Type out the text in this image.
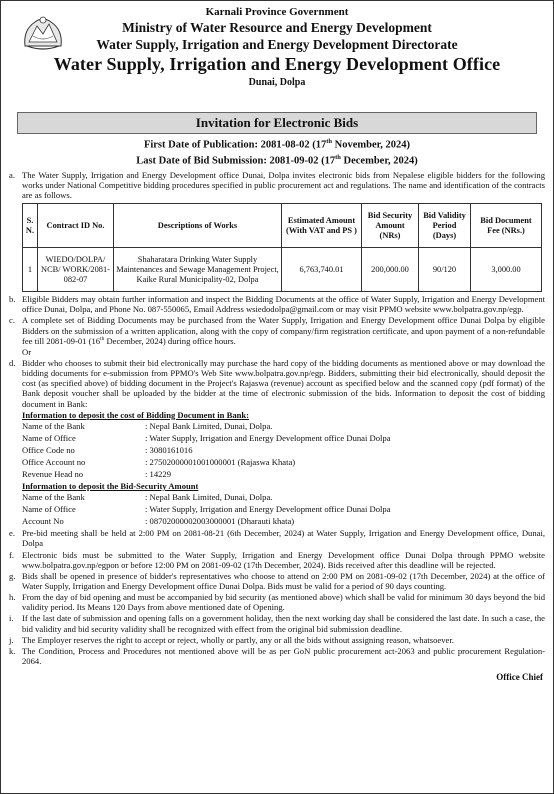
Karnali Province Government
Ministry of Water Resource and Energy Development
Water Supply, Irrigation and Energy Development Directorate
Water Supply, Irrigation and Energy Development Office
Dunai, Dolpa
Invitation for Electronic Bids
First Date of Publication: 2081-08-02 (17th November, 2024)
Last Date of Bid Submission: 2081-09-02 (17th December, 2024)
a. The Water Supply, Irrigation and Energy Development office Dunai, Dolpa invites electronic bids from Nepalese eligible bidders for the following works under National Competitive bidding procedures specified in public procurement act and regulations. The name and identification of the contracts are as follows.
S. N.	Contract ID No.	Descriptions of Works	Estimated Amount (With VAT and PS )	Bid Security Amount (NRs)	Bid Validity Period (Days)	Bid Document Fee (NRs.)
1	WIEDO/DOLPA/ NCB/ WORK/2081-082-07	Shaharatara Drinking Water Supply Maintenances and Sewage Management Project, Kaike Rural Municipality-02, Dolpa	6,763,740.01	200,000.00	90/120	3,000.00
b. Eligible Bidders may obtain further information and inspect the Bidding Documents at the office of Water Supply, Irrigation and Energy Development office Dunai, Dolpa, and Phone No. 087-550065, Email Address wsiedodolpa@gmail.com or may visit PPMO website www.bolpatra.gov.np/egp.
c. A complete set of Bidding Documents may be purchased from the Water Supply, Irrigation and Energy Development office Dunai Dolpa by eligible Bidders on the submission of a written application, along with the copy of company/firm registration certificate, and upon payment of a non-refundable fee till 2081-09-01 (16th December, 2024) during office hours.
Or
d. Bidder who chooses to submit their bid electronically may purchase the hard copy of the bidding documents as mentioned above or may download the bidding documents for e-submission from PPMO's Web Site www.bolpatra.gov.np/egp. Bidders, submitting their bid electronically, should deposit the cost (as specified above) of bidding document in the Project's Rajaswa (revenue) account as specified below and the scanned copy (pdf format) of the Bank deposit voucher shall be uploaded by the bidder at the time of electronic submission of the bids. Information to deposit the cost of bidding document in Bank:
Information to deposit the cost of Bidding Document in Bank:
Name of the Bank	: Nepal Bank Limited, Dunai, Dolpa.
Name of Office	: Water Supply, Irrigation and Energy Development office Dunai Dolpa
Office Code no	: 3080161016
Office Account no	: 27502000001001000001 (Rajaswa Khata)
Revenue Head no	: 14229
Information to deposit the Bid-Security Amount
Name of the Bank	: Nepal Bank Limited, Dunai, Dolpa.
Name of Office	: Water Supply, Irrigation and Energy Development office Dunai Dolpa
Account No	: 08702000002003000001 (Dharauti khata)
e. Pre-bid meeting shall be held at 2:00 PM on 2081-08-21 (6th December, 2024) at Water Supply, Irrigation and Energy Development office, Dunai, Dolpa
f. Electronic bids must be submitted to the Water Supply, Irrigation and Energy Development office Dunai Dolpa through PPMO website www.bolpatra.gov.np/egpon or before 12:00 PM on 2081-09-02 (17th December, 2024). Bids received after this deadline will be rejected.
g. Bids shall be opened in presence of bidder's representatives who choose to attend on 2:00 PM on 2081-09-02 (17th December, 2024) at the office of Water Supply, Irrigation and Energy Development office Dunai Dolpa. Bids must be valid for a period of 90 days counting.
h. From the day of bid opening and must be accompanied by bid security (as mentioned above) which shall be valid for minimum 30 days beyond the bid validity period. Its Means 120 Days from above mentioned date of Opening.
i. If the last date of submission and opening falls on a government holiday, then the next working day shall be considered the last date. In such a case, the bid validity and bid security validity shall be recognized with effect from the original bid submission deadline.
j. The Employer reserves the right to accept or reject, wholly or partly, any or all the bids without assigning reason, whatsoever.
k. The Condition, Process and Procedures not mentioned above will be as per GoN public procurement act-2063 and public procurement Regulation-2064.
Office Chief
